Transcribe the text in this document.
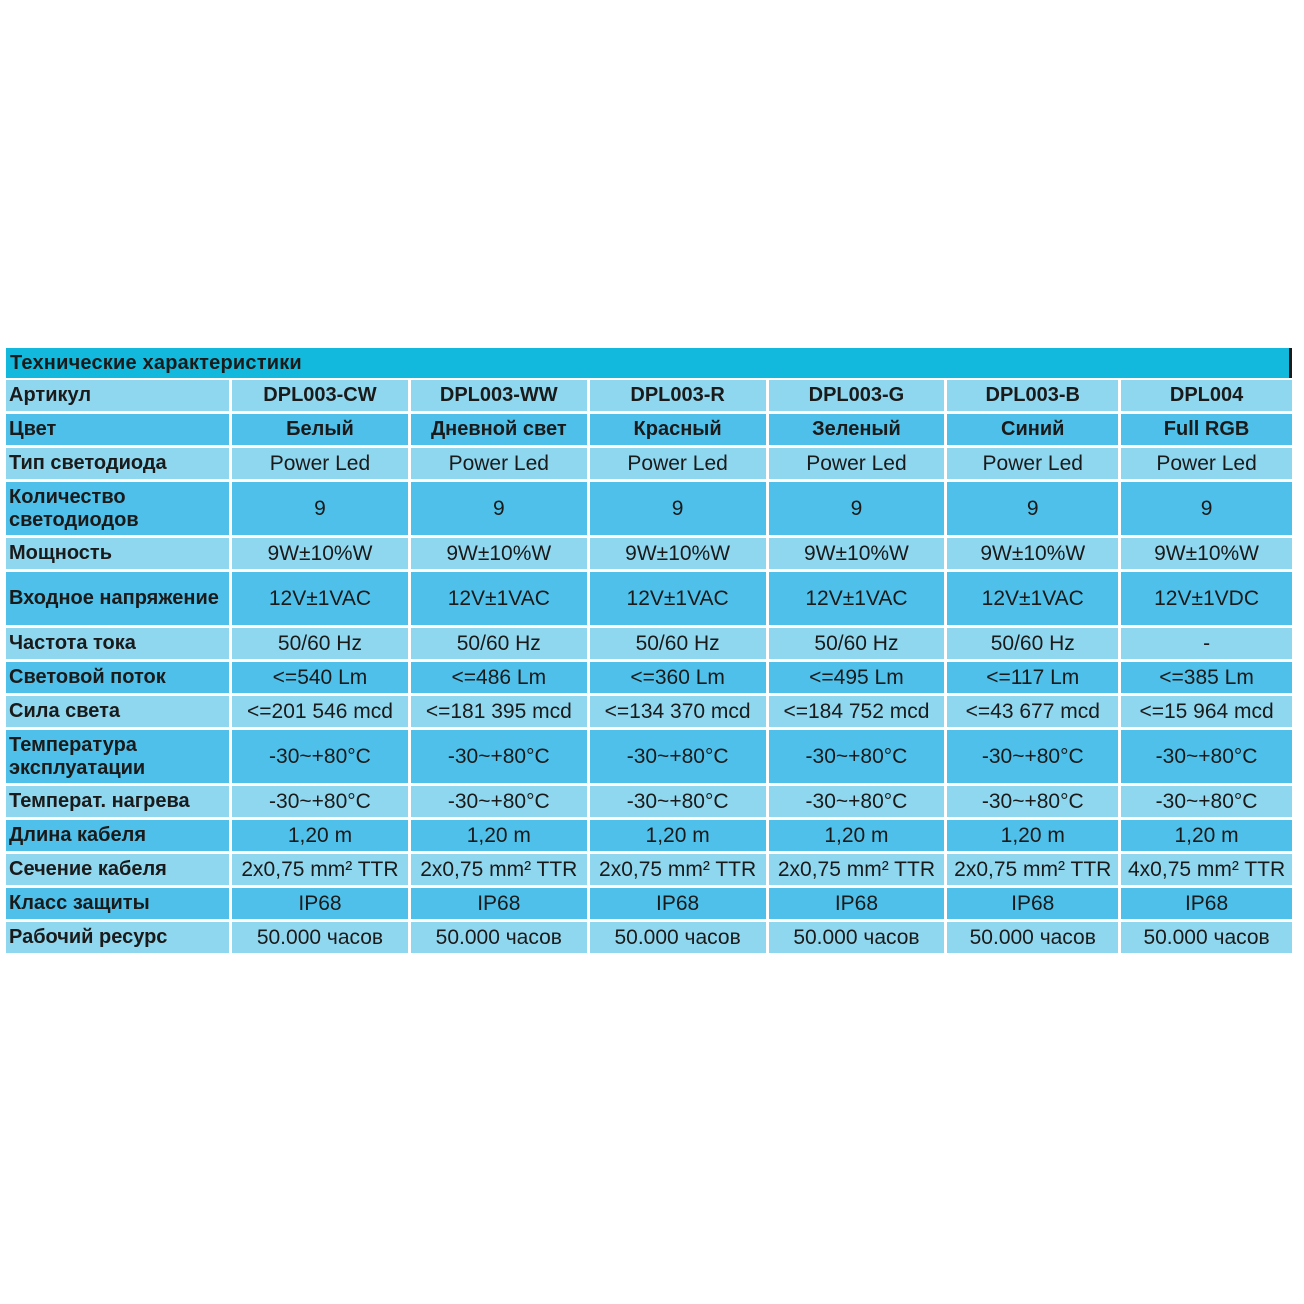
Технические характеристики
Артикул	DPL003-CW	DPL003-WW	DPL003-R	DPL003-G	DPL003-B	DPL004
Цвет	Белый	Дневной свет	Красный	Зеленый	Синий	Full RGB
Тип светодиода	Power Led	Power Led	Power Led	Power Led	Power Led	Power Led
Количество светодиодов	9	9	9	9	9	9
Мощность	9W±10%W	9W±10%W	9W±10%W	9W±10%W	9W±10%W	9W±10%W
Входное напряжение	12V±1VAC	12V±1VAC	12V±1VAC	12V±1VAC	12V±1VAC	12V±1VDC
Частота тока	50/60 Hz	50/60 Hz	50/60 Hz	50/60 Hz	50/60 Hz	-
Световой поток	<=540 Lm	<=486 Lm	<=360 Lm	<=495 Lm	<=117 Lm	<=385 Lm
Сила света	<=201 546 mcd	<=181 395 mcd	<=134 370 mcd	<=184 752 mcd	<=43 677 mcd	<=15 964 mcd
Температура эксплуатации	-30~+80°C	-30~+80°C	-30~+80°C	-30~+80°C	-30~+80°C	-30~+80°C
Температ. нагрева	-30~+80°C	-30~+80°C	-30~+80°C	-30~+80°C	-30~+80°C	-30~+80°C
Длина кабеля	1,20 m	1,20 m	1,20 m	1,20 m	1,20 m	1,20 m
Сечение кабеля	2x0,75 mm² TTR	2x0,75 mm² TTR	2x0,75 mm² TTR	2x0,75 mm² TTR	2x0,75 mm² TTR	4x0,75 mm² TTR
Класс защиты	IP68	IP68	IP68	IP68	IP68	IP68
Рабочий ресурс	50.000 часов	50.000 часов	50.000 часов	50.000 часов	50.000 часов	50.000 часов
